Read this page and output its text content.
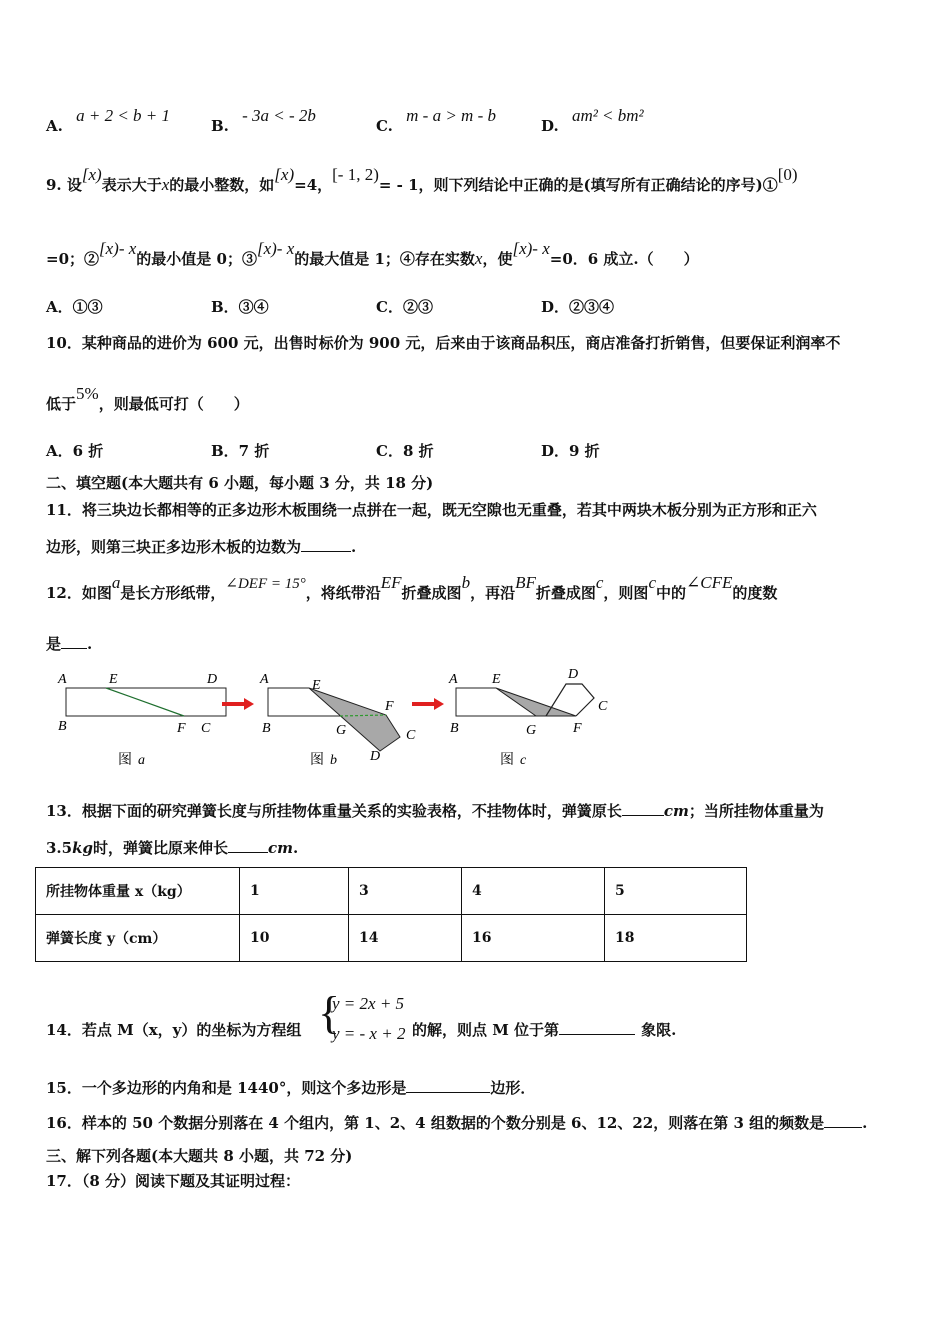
A. a + 2 < b + 1
B. - 3a < - 2b
C. m - a > m - b
D. am² < bm²
9. 设[x)表示大于x的最小整数，如[x)=4，[- 1, 2)= - 1，则下列结论中正确的是(填写所有正确结论的序号)①[0)
=0；②[x)- x的最小值是 0；③[x)- x的最大值是 1；④存在实数x，使[x)- x=0．6 成立.（　　）
A．①③	B．③④	C．②③	D．②③④
10．某种商品的进价为 600 元，出售时标价为 900 元，后来由于该商品积压，商店准备打折销售，但要保证利润率不
低于5%，则最低可打（　　）
A．6 折	B．7 折	C．8 折	D．9 折
二、填空题(本大题共有 6 小题，每小题 3 分，共 18 分)
11．将三块边长都相等的正多边形木板围绕一点拼在一起，既无空隙也无重叠，若其中两块木板分别为正方形和正六
边形，则第三块正多边形木板的边数为	.
12．如图a是长方形纸带，∠DEF = 15°，将纸带沿EF折叠成图b，再沿BF折叠成图c，则图c中的∠CFE的度数
是 .
A	E	D
B	F C
图 a
A	E
F
B	G	C
D
图 b
A E	D
C
B	G	F
图 c
13．根据下面的研究弹簧长度与所挂物体重量关系的实验表格，不挂物体时，弹簧原长	cm；当所挂物体重量为
3.5kg时，弹簧比原来伸长	cm.
所挂物体重量 x（kg）	1	3	4	5
弹簧长度 y（cm）	10	14	16	18
14．若点 M（x，y）的坐标为方程组 {
y = 2x + 5
y = - x + 2 的解，则点 M 位于第	象限.
15．一个多边形的内角和是 1440°，则这个多边形是	边形．
16．样本的 50 个数据分别落在 4 个组内，第 1、2、4 组数据的个数分别是 6、12、22，则落在第 3 组的频数是	.
三、解下列各题(本大题共 8 小题，共 72 分)
17．（8 分）阅读下题及其证明过程：
